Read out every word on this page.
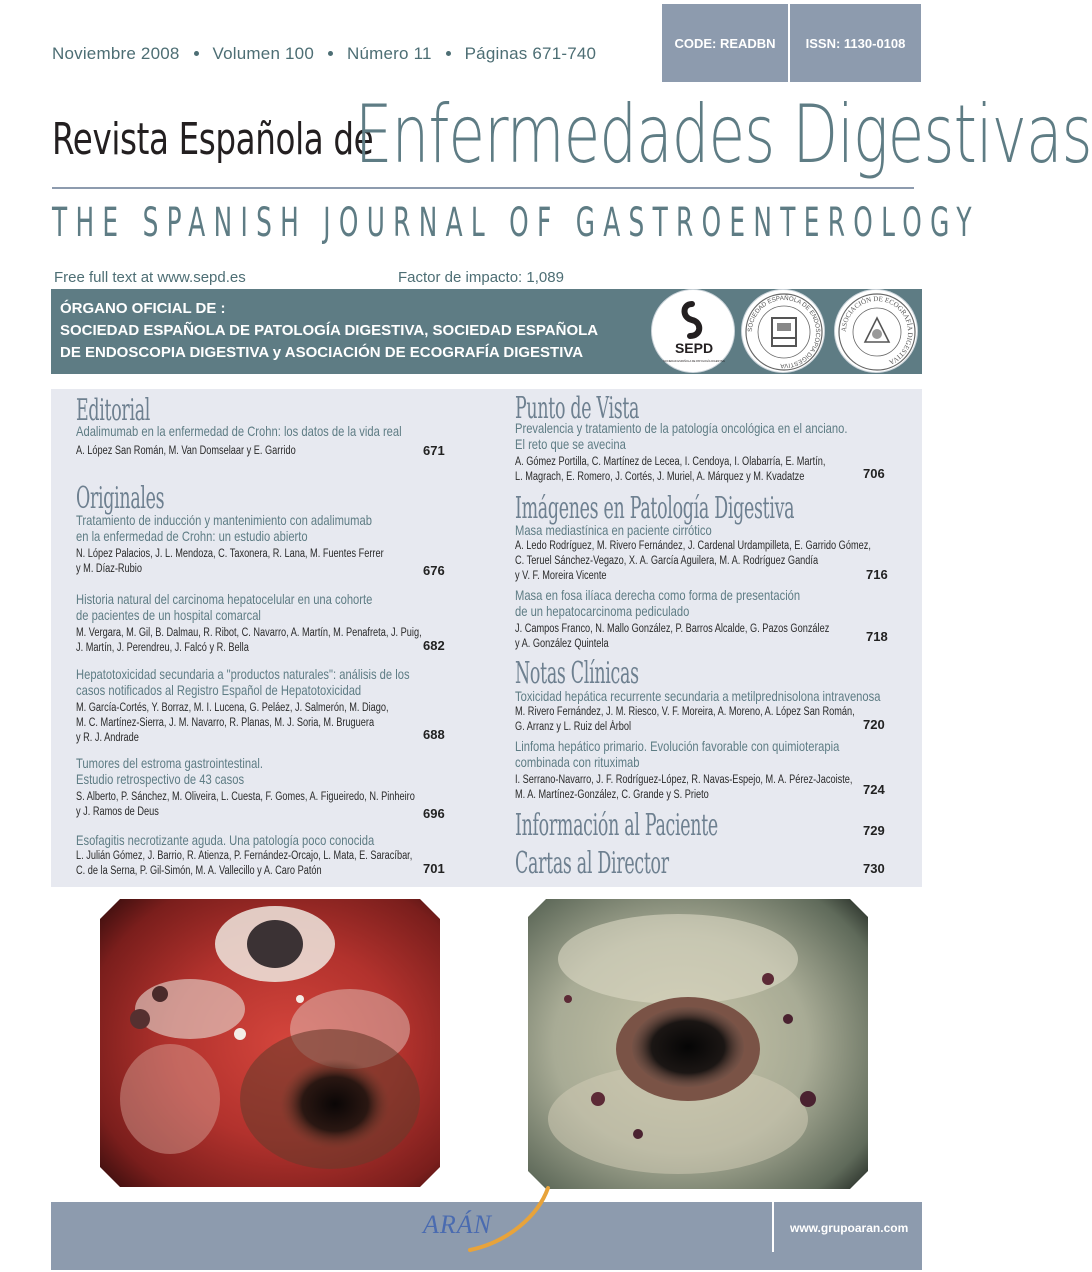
Noviembre 2008 Volumen 100 Número 11 Páginas 671-740
CODE: READBN	ISSN: 1130-0108
Revista Española de
Enfermedades Digestivas
THE SPANISH JOURNAL OF GASTROENTEROLOGY
Free full text at www.sepd.es	Factor de impacto: 1,089
ÓRGANO OFICIAL DE :
SOCIEDAD ESPAÑOLA DE PATOLOGÍA DIGESTIVA, SOCIEDAD ESPAÑOLA
DE ENDOSCOPIA DIGESTIVA y ASOCIACIÓN DE ECOGRAFÍA DIGESTIVA	SEPD
SOCIEDAD ESPAÑOLA DE PATOLOGÍA DIGESTIVA
SOCIEDAD ESPAÑOLA DE ENDOSCOPIA DIGESTIVA
ASOCIACIÓN DE ECOGRAFÍA DIGESTIVA
Editorial
Adalimumab en la enfermedad de Crohn: los datos de la vida real
A. López San Román, M. Van Domselaar y E. Garrido	671
Originales
Tratamiento de inducción y mantenimiento con adalimumab
en la enfermedad de Crohn: un estudio abierto
N. López Palacios, J. L. Mendoza, C. Taxonera, R. Lana, M. Fuentes Ferrer
y M. Díaz-Rubio	676
Historia natural del carcinoma hepatocelular en una cohorte
de pacientes de un hospital comarcal
M. Vergara, M. Gil, B. Dalmau, R. Ribot, C. Navarro, A. Martín, M. Penafreta, J. Puig,
J. Martín, J. Perendreu, J. Falcó y R. Bella	682
Hepatotoxicidad secundaria a "productos naturales": análisis de los
casos notificados al Registro Español de Hepatotoxicidad
M. García-Cortés, Y. Borraz, M. I. Lucena, G. Peláez, J. Salmerón, M. Diago,
M. C. Martínez-Sierra, J. M. Navarro, R. Planas, M. J. Soria, M. Bruguera
y R. J. Andrade	688
Tumores del estroma gastrointestinal.
Estudio retrospectivo de 43 casos
S. Alberto, P. Sánchez, M. Oliveira, L. Cuesta, F. Gomes, A. Figueiredo, N. Pinheiro
y J. Ramos de Deus	696
Esofagitis necrotizante aguda. Una patología poco conocida
L. Julián Gómez, J. Barrio, R. Atienza, P. Fernández-Orcajo, L. Mata, E. Saracíbar,
C. de la Serna, P. Gil-Simón, M. A. Vallecillo y A. Caro Patón	701
Punto de Vista
Prevalencia y tratamiento de la patología oncológica en el anciano.
El reto que se avecina
A. Gómez Portilla, C. Martínez de Lecea, I. Cendoya, I. Olabarría, E. Martín,
L. Magrach, E. Romero, J. Cortés, J. Muriel, A. Márquez y M. Kvadatze	706
Imágenes en Patología Digestiva
Masa mediastínica en paciente cirrótico
A. Ledo Rodríguez, M. Rivero Fernández, J. Cardenal Urdampilleta, E. Garrido Gómez,
C. Teruel Sánchez-Vegazo, X. A. García Aguilera, M. A. Rodríguez Gandía
y V. F. Moreira Vicente	716
Masa en fosa ilíaca derecha como forma de presentación
de un hepatocarcinoma pediculado
J. Campos Franco, N. Mallo González, P. Barros Alcalde, G. Pazos González
y A. González Quintela	718
Notas Clínicas
Toxicidad hepática recurrente secundaria a metilprednisolona intravenosa
M. Rivero Fernández, J. M. Riesco, V. F. Moreira, A. Moreno, A. López San Román,
G. Arranz y L. Ruiz del Árbol	720
Linfoma hepático primario. Evolución favorable con quimioterapia
combinada con rituximab
I. Serrano-Navarro, J. F. Rodríguez-López, R. Navas-Espejo, M. A. Pérez-Jacoiste,
M. A. Martínez-González, C. Grande y S. Prieto	724
Información al Paciente	729
Cartas al Director	730
ARÁN	www.grupoaran.com
